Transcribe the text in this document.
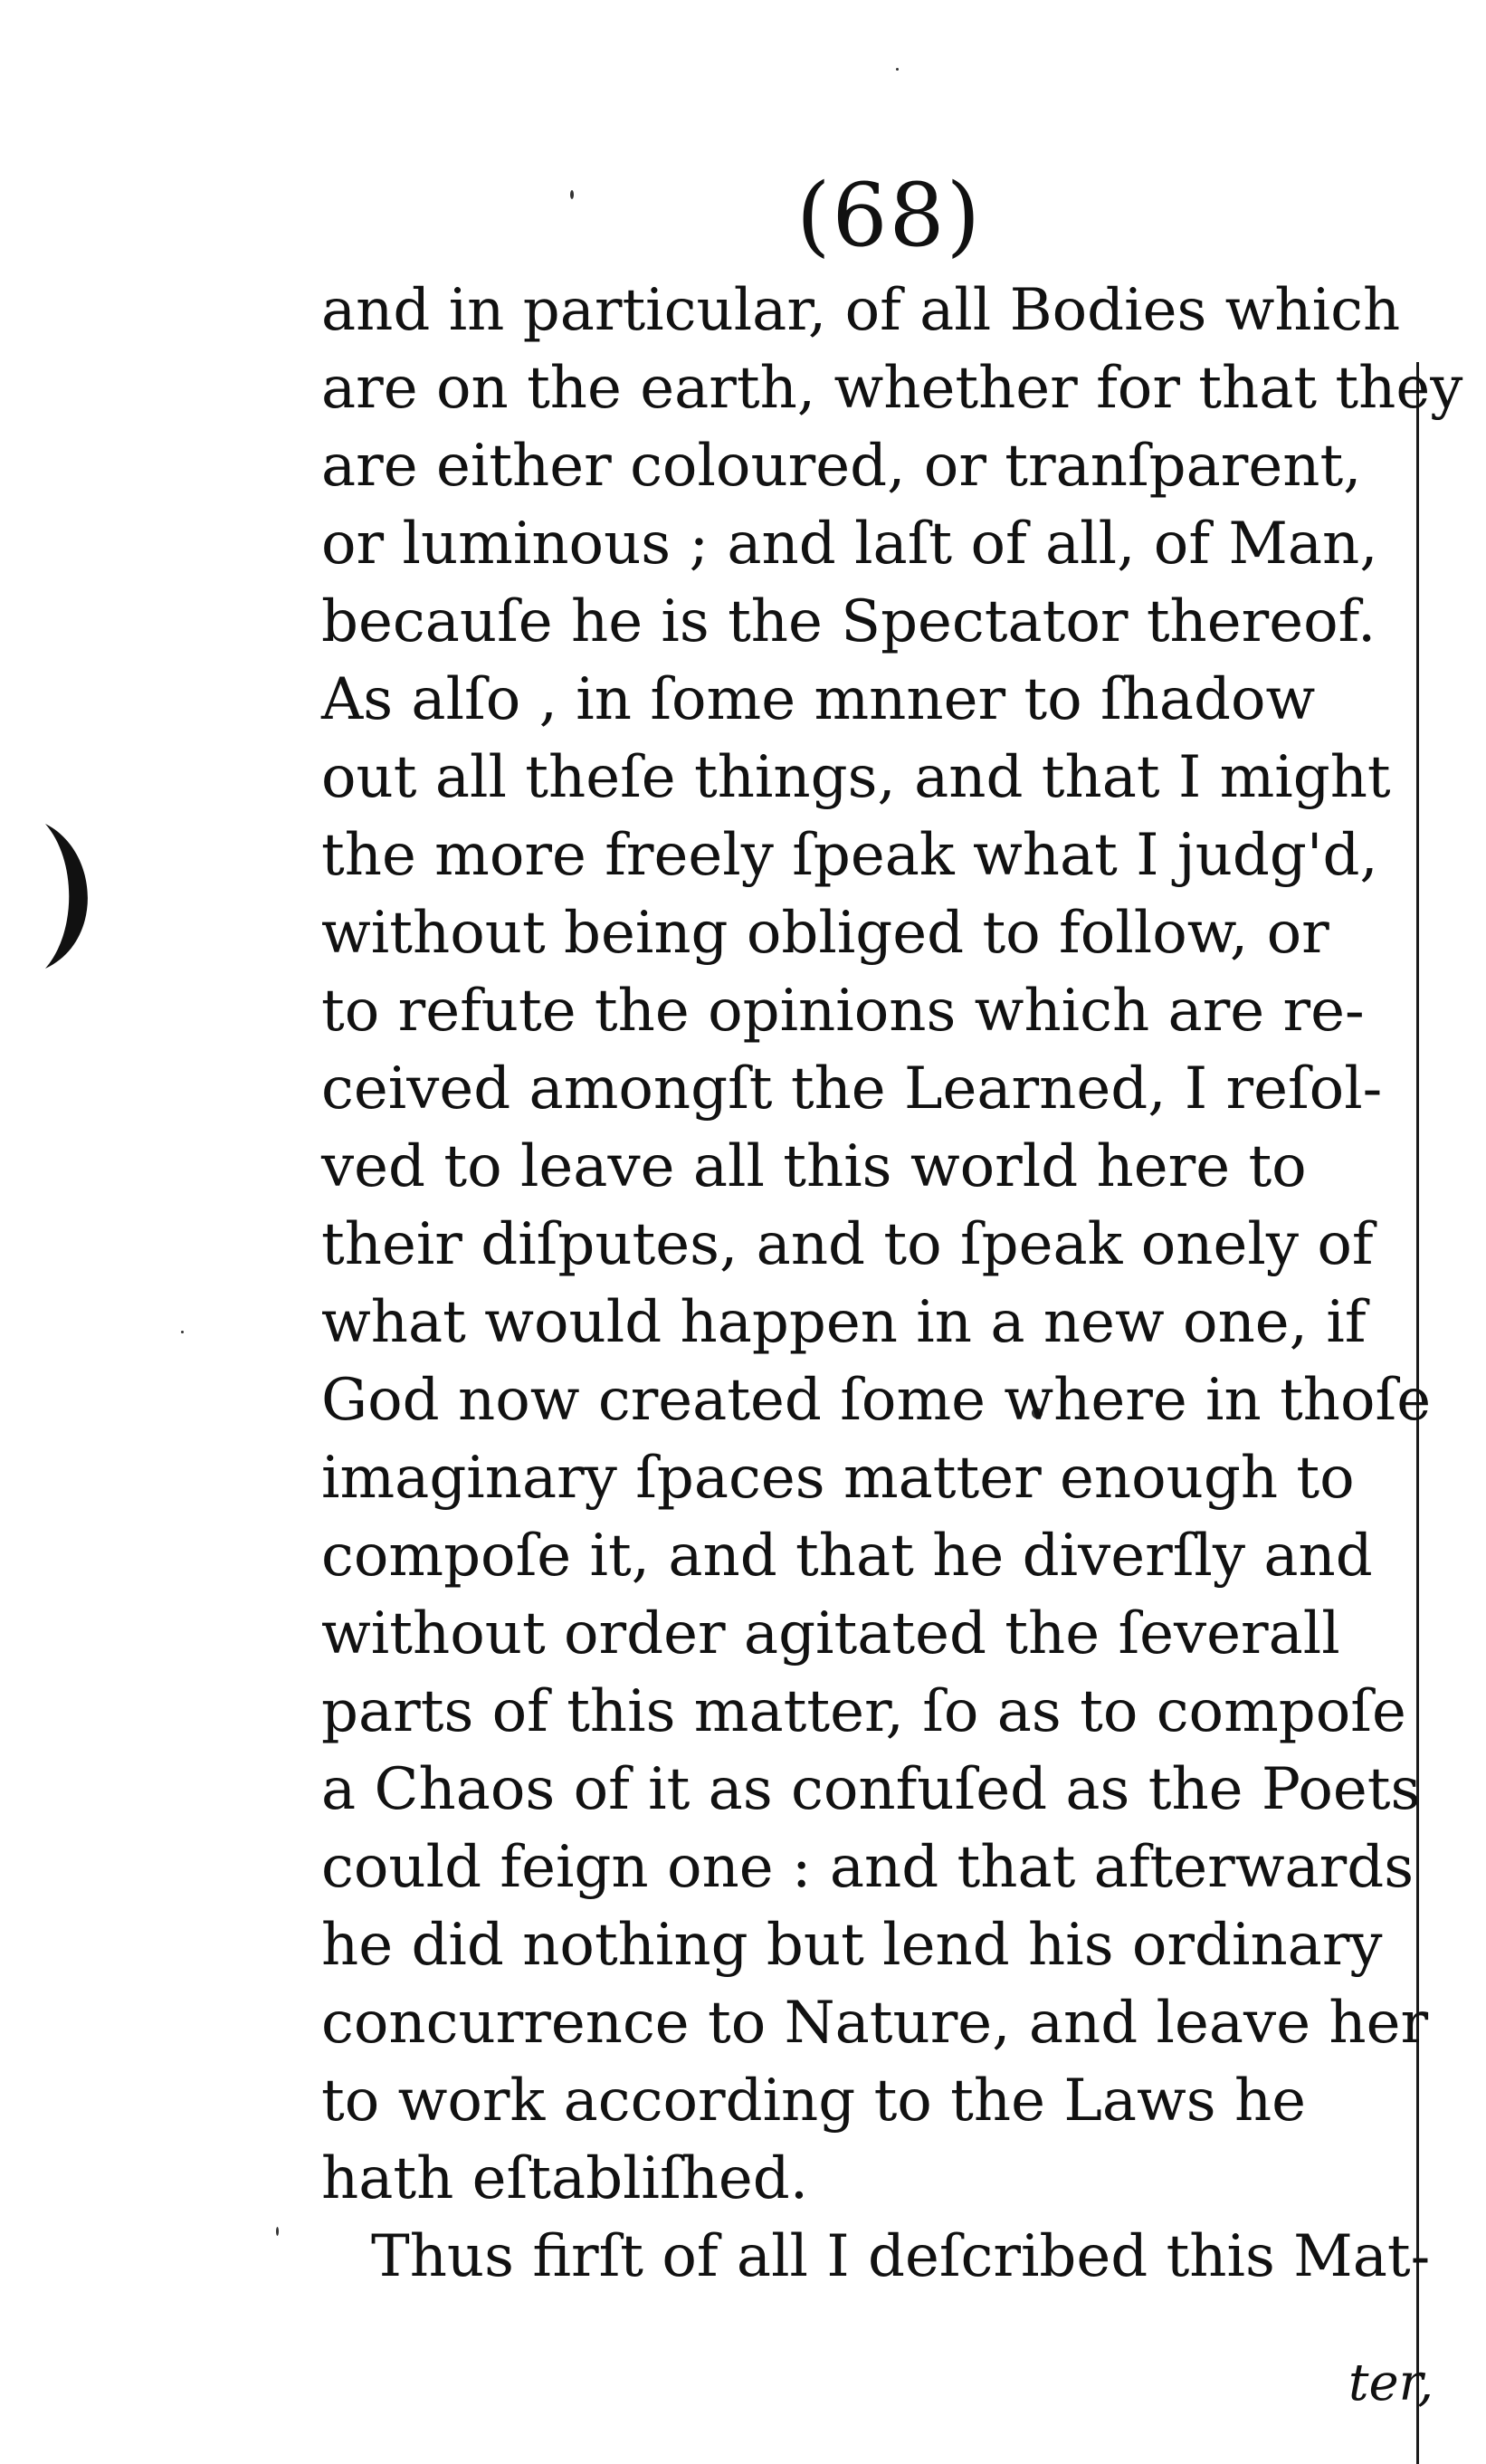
(68)
and in particular, of all Bodies which
are on the earth, whether for that they
are either coloured, or tranſparent,
or luminous ; and laſt of all, of Man,
becauſe he is the Spectator thereof.
As alſo , in ſome mnner to ſhadow
out all theſe things, and that I might
the more freely ſpeak what I judg'd,
without being obliged to follow, or
to refute the opinions which are re-
ceived amongſt the Learned, I reſol-
ved to leave all this world here to
their diſputes, and to ſpeak onely of
what would happen in a new one, if
God now created ſome where in thoſe
imaginary ſpaces matter enough to
compoſe it, and that he diverſly and
without order agitated the ſeverall
parts of this matter, ſo as to compoſe
a Chaos of it as confuſed as the Poets
could feign one : and that afterwards
he did nothing but lend his ordinary
concurrence to Nature, and leave her
to work according to the Laws he
hath eſtabliſhed.
Thus firſt of all I deſcribed this Mat-
ter,
